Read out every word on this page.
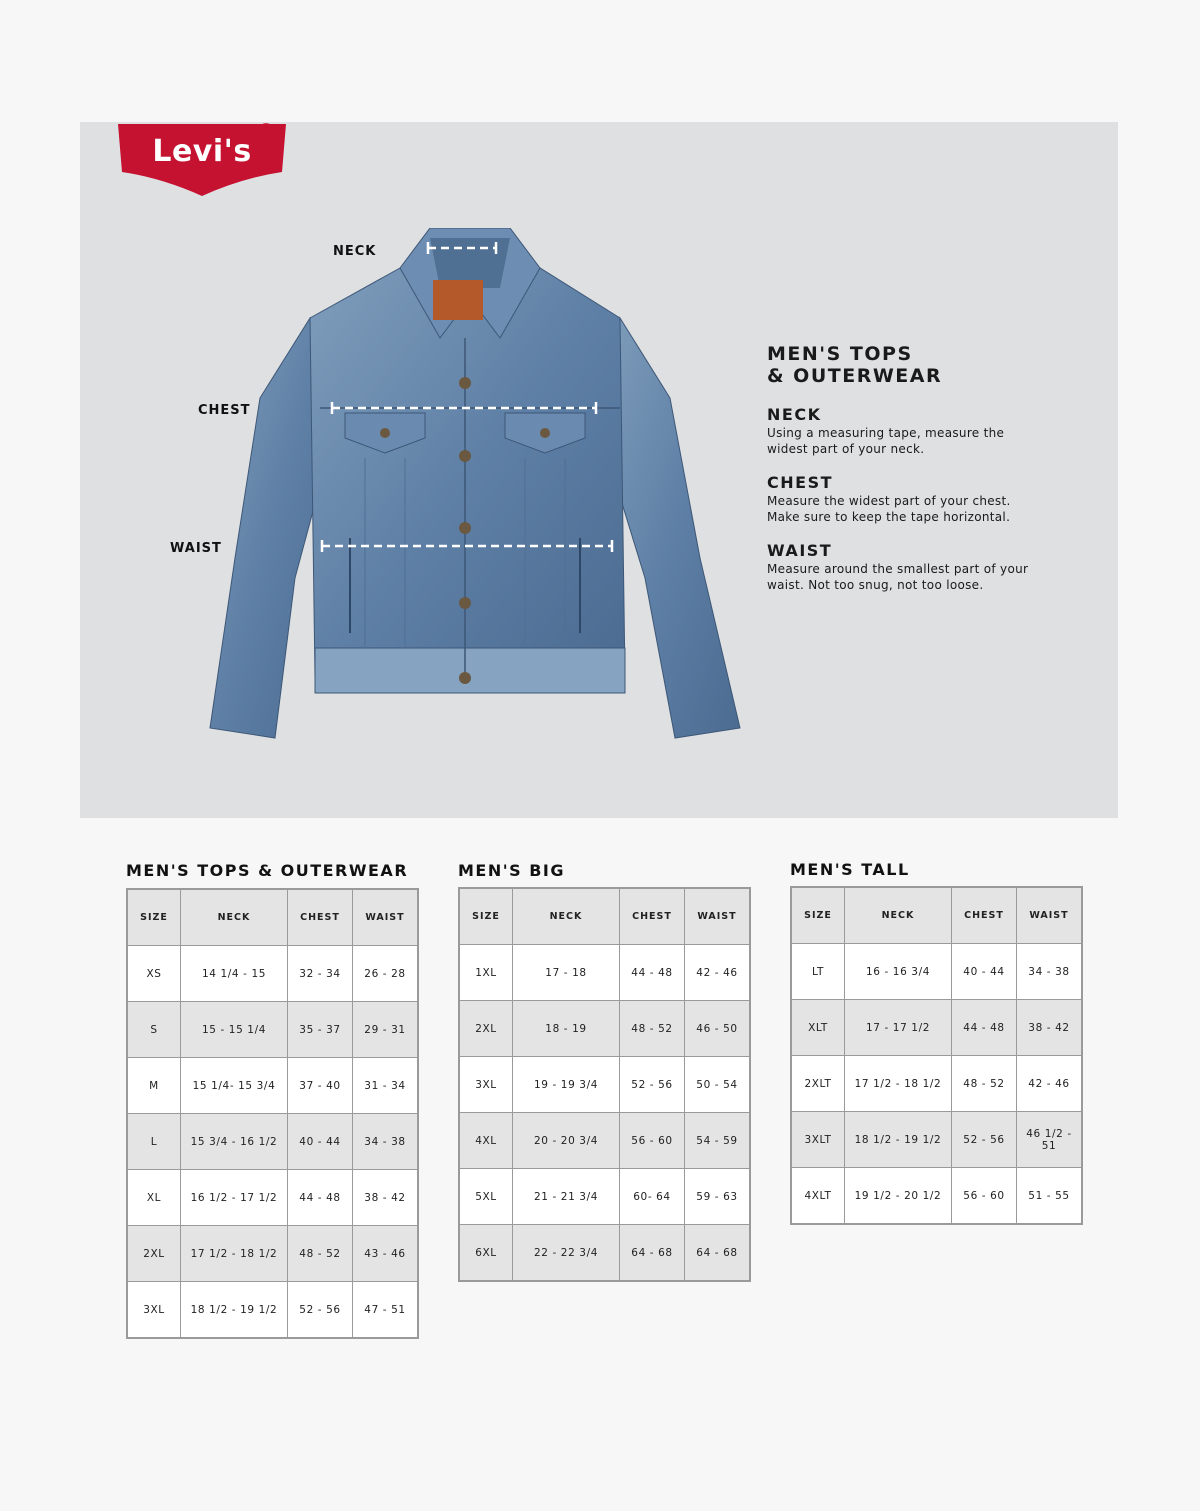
Levi's
R
NECK
CHEST
WAIST

MEN'S TOPS
& OUTERWEAR

NECK

Using a measuring tape, measure the
widest part of your neck.

CHEST

Measure the widest part of your chest.
Make sure to keep the tape horizontal.

WAIST

Measure around the smallest part of your
waist. Not too snug, not too loose.

MEN'S TOPS & OUTERWEAR	MEN'S BIG	MEN'S TALL
SIZE	NECK	CHEST	WAIST
XS	14 1/4 - 15	32 - 34	26 - 28
S	15 - 15 1/4	35 - 37	29 - 31
M	15 1/4- 15 3/4	37 - 40	31 - 34
L	15 3/4 - 16 1/2	40 - 44	34 - 38
XL	16 1/2 - 17 1/2	44 - 48	38 - 42
2XL	17 1/2 - 18 1/2	48 - 52	43 - 46
3XL	18 1/2 - 19 1/2	52 - 56	47 - 51
SIZE	NECK	CHEST	WAIST
1XL	17 - 18	44 - 48	42 - 46
2XL	18 - 19	48 - 52	46 - 50
3XL	19 - 19 3/4	52 - 56	50 - 54
4XL	20 - 20 3/4	56 - 60	54 - 59
5XL	21 - 21 3/4	60- 64	59 - 63
6XL	22 - 22 3/4	64 - 68	64 - 68
SIZE	NECK	CHEST	WAIST
LT	16 - 16 3/4	40 - 44	34 - 38
XLT	17 - 17 1/2	44 - 48	38 - 42
2XLT	17 1/2 - 18 1/2	48 - 52	42 - 46
3XLT	18 1/2 - 19 1/2	52 - 56	46 1/2 -
51
4XLT	19 1/2 - 20 1/2	56 - 60	51 - 55
